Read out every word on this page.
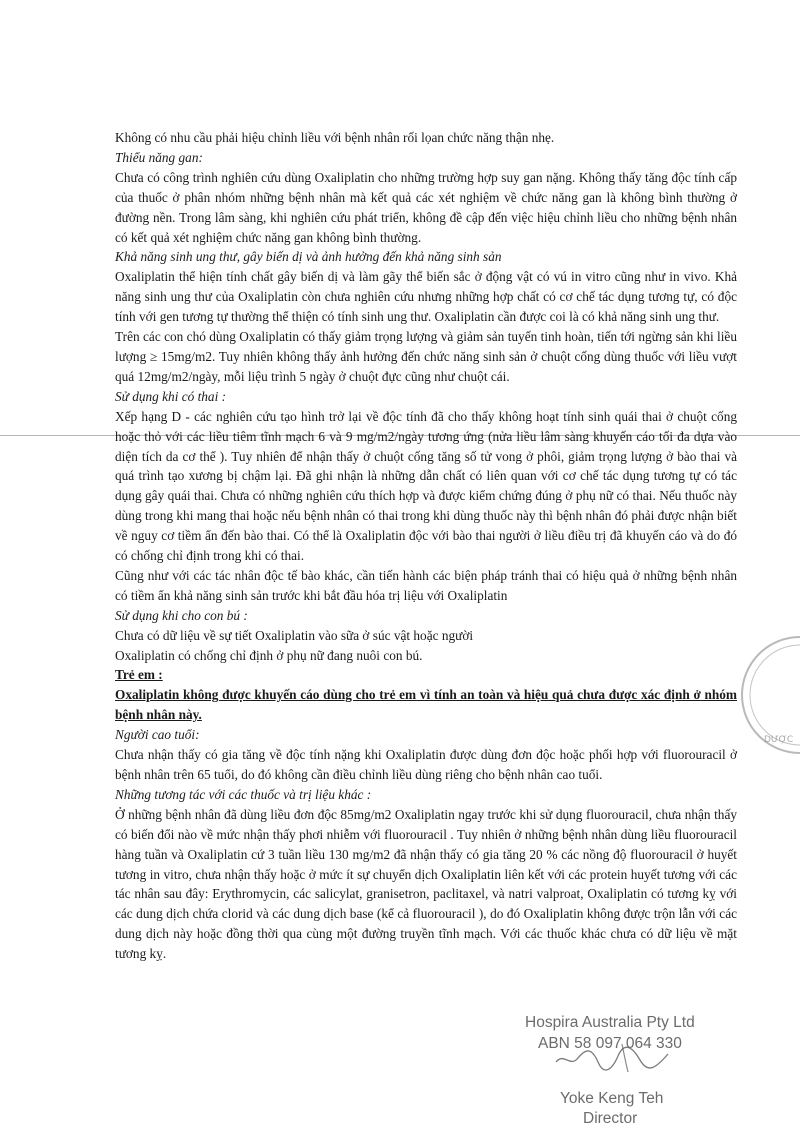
Không có nhu cầu phải hiệu chỉnh liều với bệnh nhân rối lọan chức năng thận nhẹ.

Thiểu năng gan:

Chưa có công trình nghiên cứu dùng Oxaliplatin cho những trường hợp suy gan nặng. Không thấy tăng độc tính cấp của thuốc ở phân nhóm những bệnh nhân mà kết quả các xét nghiệm về chức năng gan là không bình thường ở đường nền. Trong lâm sàng, khi nghiên cứu phát triển, không đề cập đến việc hiệu chỉnh liều cho những bệnh nhân có kết quả xét nghiệm chức năng gan không bình thường.

Khả năng sinh ung thư, gây biến dị và ảnh hưởng đến khả năng sinh sản

Oxaliplatin thể hiện tính chất gây biến dị và làm gãy thể biến sắc ở động vật có vú in vitro cũng như in vivo. Khả năng sinh ung thư của Oxaliplatin còn chưa nghiên cứu nhưng những hợp chất có cơ chế tác dụng tương tự, có độc tính với gen tương tự thường thể thiện có tính sinh ung thư. Oxaliplatin cần được coi là có khả năng sinh ung thư.

Trên các con chó dùng Oxaliplatin có thấy giảm trọng lượng và giảm sản tuyến tinh hoàn, tiến tới ngừng sản khi liều lượng ≥ 15mg/m2. Tuy nhiên không thấy ảnh hưởng đến chức năng sinh sản ở chuột cống dùng thuốc với liều vượt quá 12mg/m2/ngày, mỗi liệu trình 5 ngày ở chuột đực cũng như chuột cái.

Sử dụng khi có thai :

Xếp hạng D - các nghiên cứu tạo hình trở lại về độc tính đã cho thấy không hoạt tính sinh quái thai ở chuột cống hoặc thỏ với các liều tiêm tĩnh mạch 6 và 9 mg/m2/ngày tương ứng (nửa liều lâm sàng khuyến cáo tối đa dựa vào diện tích da cơ thể ). Tuy nhiên để nhận thấy ở chuột cống tăng số tử vong ở phôi, giảm trọng lượng ở bào thai và quá trình tạo xương bị chậm lại. Đã ghi nhận là những dẫn chất có liên quan với cơ chế tác dụng tương tự có tác dụng gây quái thai. Chưa có những nghiên cứu thích hợp và được kiểm chứng đúng ở phụ nữ có thai. Nếu thuốc này dùng trong khi mang thai hoặc nếu bệnh nhân có thai trong khi dùng thuốc này thì bệnh nhân đó phải được nhận biết về nguy cơ tiềm ẩn đến bào thai. Có thể là Oxaliplatin độc với bào thai người ở liều điều trị đã khuyến cáo và do đó có chống chỉ định trong khi có thai.

Cũng như với các tác nhân độc tế bào khác, cần tiến hành các biện pháp tránh thai có hiệu quả ở những bệnh nhân có tiềm ẩn khả năng sinh sản trước khi bắt đầu hóa trị liệu với Oxaliplatin

Sử dụng khi cho con bú :

Chưa có dữ liệu về sự tiết Oxaliplatin vào sữa ở súc vật hoặc người

Oxaliplatin có chống chỉ định ở phụ nữ đang nuôi con bú.

Trẻ em :

Oxaliplatin không được khuyến cáo dùng cho trẻ em vì tính an toàn và hiệu quả chưa được xác định ở nhóm bệnh nhân này.

Người cao tuổi:

Chưa nhận thấy có gia tăng về độc tính nặng khi Oxaliplatin được dùng đơn độc hoặc phối hợp với fluorouracil ở bệnh nhân trên 65 tuổi, do đó không cần điều chỉnh liều dùng riêng cho bệnh nhân cao tuổi.

Những tương tác với các thuốc và trị liệu khác :

Ở những bệnh nhân đã dùng liều đơn độc 85mg/m2 Oxaliplatin ngay trước khi sử dụng fluorouracil, chưa nhận thấy có biến đổi nào về mức nhận thấy phơi nhiễm với fluorouracil . Tuy nhiên ở những bệnh nhân dùng liều fluorouracil hàng tuần và Oxaliplatin cứ 3 tuần liều 130 mg/m2 đã nhận thấy có gia tăng 20 % các nồng độ fluorouracil ở huyết tương in vitro, chưa nhận thấy hoặc ở mức ít sự chuyển dịch Oxaliplatin liên kết với các protein huyết tương với các tác nhân sau đây: Erythromycin, các salicylat, granisetron, paclitaxel, và natri valproat, Oxaliplatin có tương kỵ với các dung dịch chứa clorid và các dung dịch base (kể cả fluorouracil ), do đó Oxaliplatin không được trộn lẫn với các dung dịch này hoặc đồng thời qua cùng một đường truyền tĩnh mạch. Với các thuốc khác chưa có dữ liệu về mặt tương kỵ.

DƯỢC
Hospira Australia Pty Ltd
ABN 58 097 064 330
Yoke Keng Teh
Director
